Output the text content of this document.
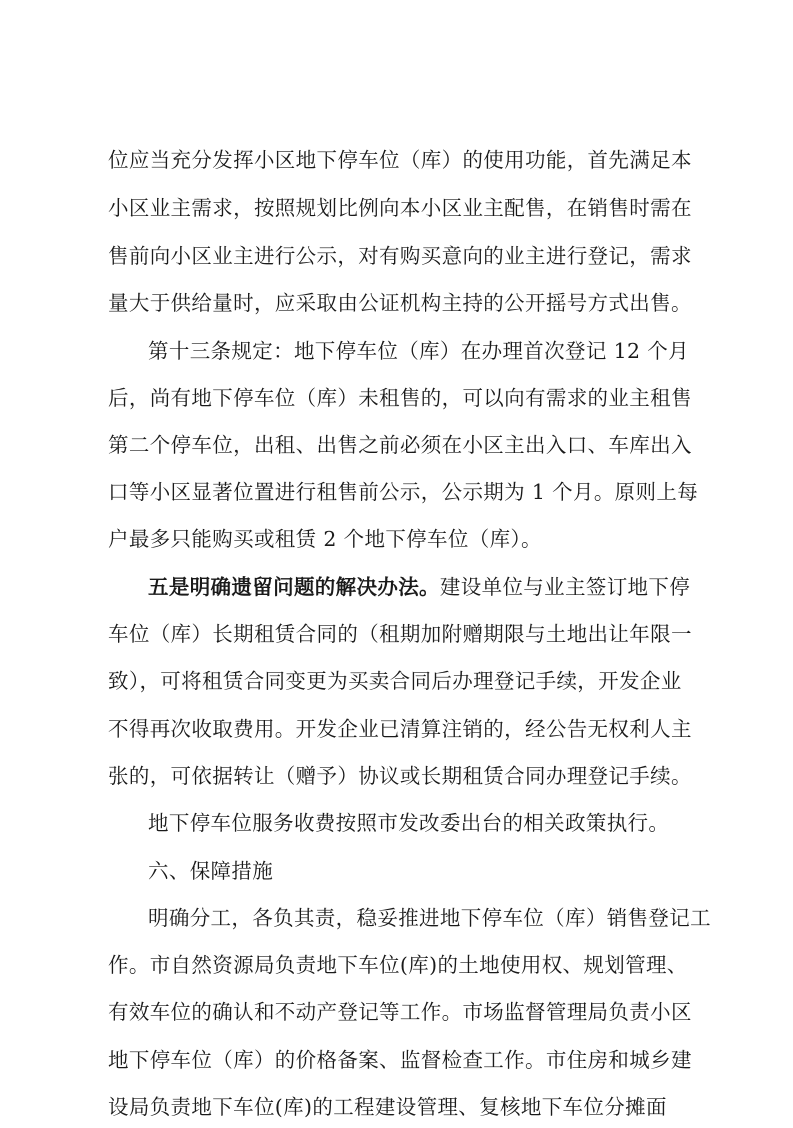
位应当充分发挥小区地下停车位（库）的使用功能，首先满足本
小区业主需求，按照规划比例向本小区业主配售，在销售时需在
售前向小区业主进行公示，对有购买意向的业主进行登记，需求
量大于供给量时，应采取由公证机构主持的公开摇号方式出售。
第十三条规定：地下停车位（库）在办理首次登记 12 个月
后，尚有地下停车位（库）未租售的，可以向有需求的业主租售
第二个停车位，出租、出售之前必须在小区主出入口、车库出入
口等小区显著位置进行租售前公示，公示期为 1 个月。原则上每
户最多只能购买或租赁 2 个地下停车位（库）。
五是明确遗留问题的解决办法。建设单位与业主签订地下停
车位（库）长期租赁合同的（租期加附赠期限与土地出让年限一
致），可将租赁合同变更为买卖合同后办理登记手续，开发企业
不得再次收取费用。开发企业已清算注销的，经公告无权利人主
张的，可依据转让（赠予）协议或长期租赁合同办理登记手续。
地下停车位服务收费按照市发改委出台的相关政策执行。
六、保障措施
明确分工，各负其责，稳妥推进地下停车位（库）销售登记工
作。市自然资源局负责地下车位(库)的土地使用权、规划管理、
有效车位的确认和不动产登记等工作。市场监督管理局负责小区
地下停车位（库）的价格备案、监督检查工作。市住房和城乡建
设局负责地下车位(库)的工程建设管理、复核地下车位分摊面
